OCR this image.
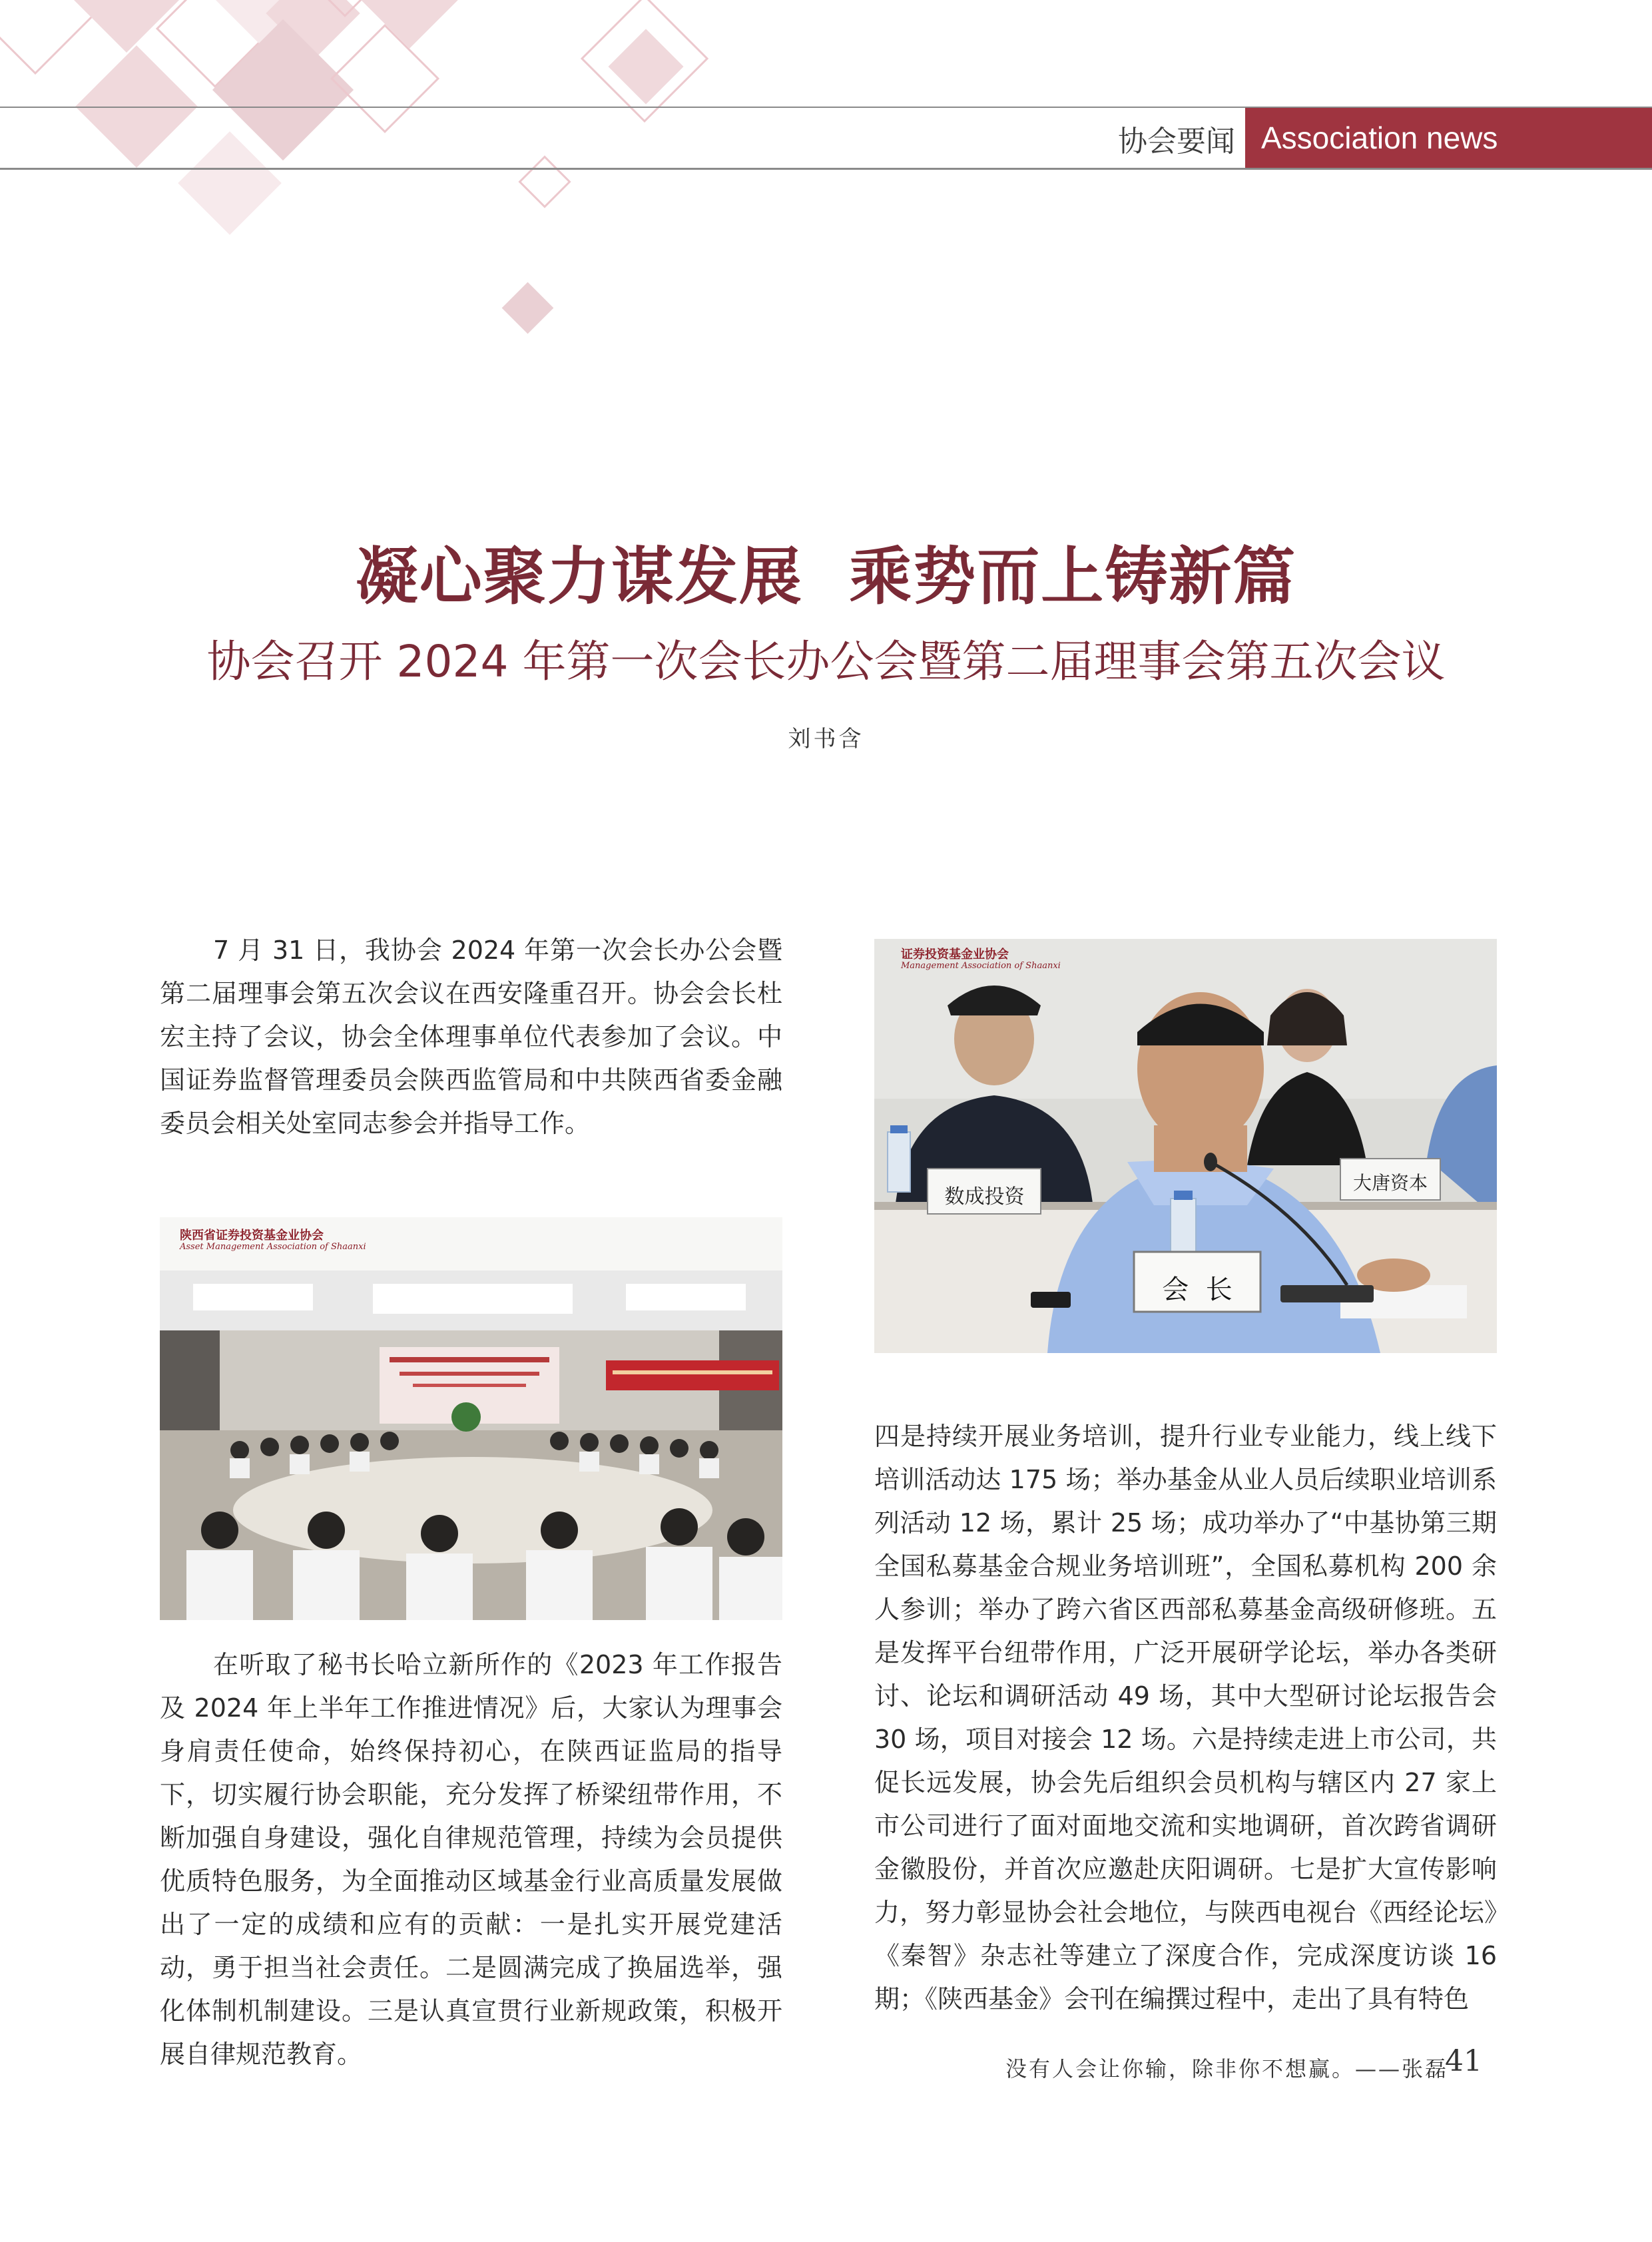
协会要闻 Association news
凝心聚力谋发展  乘势而上铸新篇
协会召开 2024 年第一次会长办公会暨第二届理事会第五次会议
刘书含

7 月 31 日，我协会 2024 年第一次会长办公会暨第二届理事会第五次会议在西安隆重召开。协会会长杜宏主持了会议，协会全体理事单位代表参加了会议。中国证券监督管理委员会陕西监管局和中共陕西省委金融委员会相关处室同志参会并指导工作。

陕西省证券投资基金业协会
Asset Management Association of Shaanxi

在听取了秘书长哈立新所作的《2023 年工作报告及 2024 年上半年工作推进情况》后，大家认为理事会身肩责任使命，始终保持初心，在陕西证监局的指导下，切实履行协会职能，充分发挥了桥梁纽带作用，不断加强自身建设，强化自律规范管理，持续为会员提供优质特色服务，为全面推动区域基金行业高质量发展做出了一定的成绩和应有的贡献：一是扎实开展党建活动，勇于担当社会责任。二是圆满完成了换届选举，强化体制机制建设。三是认真宣贯行业新规政策，积极开展自律规范教育。

证券投资基金业协会
Management Association of Shaanxi
数成投资
大唐资本
会  长

四是持续开展业务培训，提升行业专业能力，线上线下培训活动达 175 场；举办基金从业人员后续职业培训系列活动 12 场，累计 25 场；成功举办了“中基协第三期全国私募基金合规业务培训班”，全国私募机构 200 余人参训；举办了跨六省区西部私募基金高级研修班。五是发挥平台纽带作用，广泛开展研学论坛，举办各类研讨、论坛和调研活动 49 场，其中大型研讨论坛报告会 30 场，项目对接会 12 场。六是持续走进上市公司，共促长远发展，协会先后组织会员机构与辖区内 27 家上市公司进行了面对面地交流和实地调研，首次跨省调研金徽股份，并首次应邀赴庆阳调研。七是扩大宣传影响力，努力彰显协会社会地位，与陕西电视台《西经论坛》《秦智》杂志社等建立了深度合作，完成深度访谈 16 期；《陕西基金》会刊在编撰过程中，走出了具有特色

没有人会让你输，除非你不想赢。——张磊
41
